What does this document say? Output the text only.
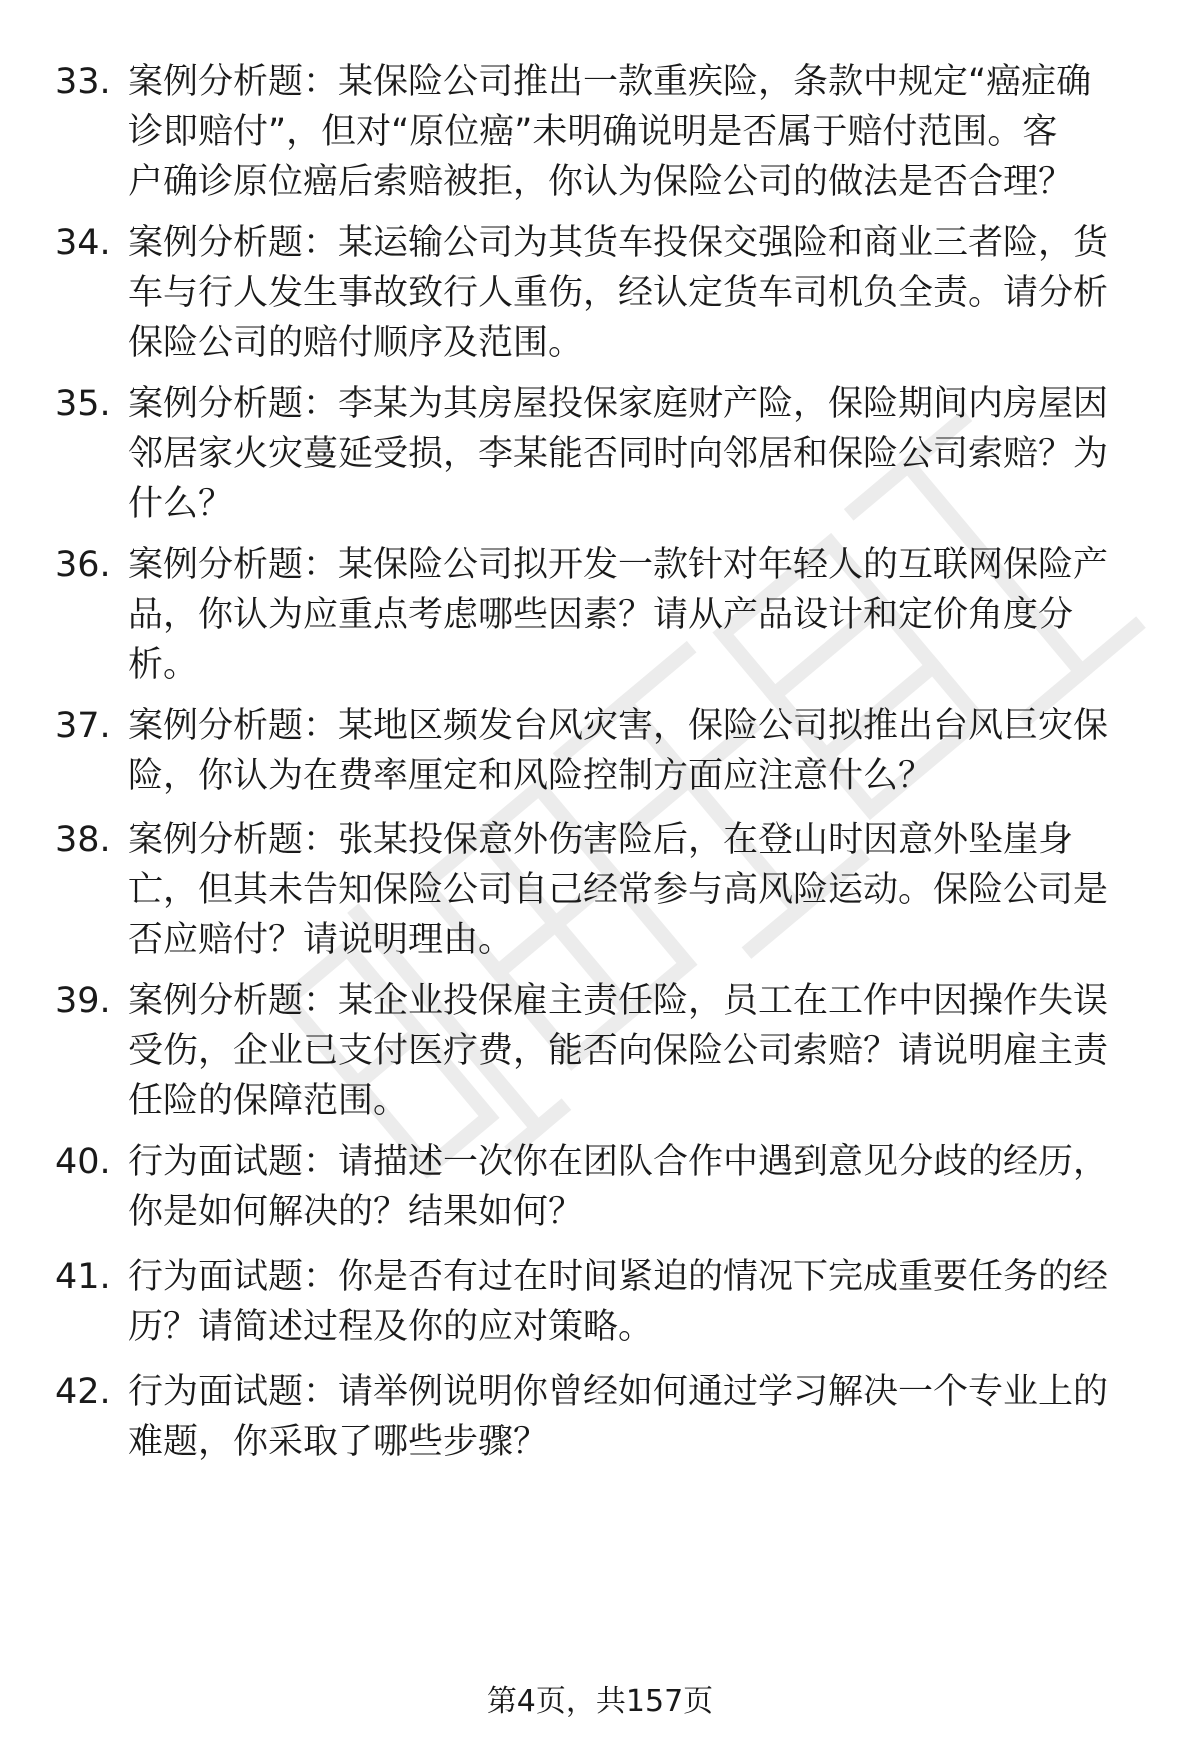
33. 案例分析题：某保险公司推出一款重疾险，条款中规定“癌症确
诊即赔付”，但对“原位癌”未明确说明是否属于赔付范围。客
户确诊原位癌后索赔被拒，你认为保险公司的做法是否合理？
34. 案例分析题：某运输公司为其货车投保交强险和商业三者险，货
车与行人发生事故致行人重伤，经认定货车司机负全责。请分析
保险公司的赔付顺序及范围。
35. 案例分析题：李某为其房屋投保家庭财产险，保险期间内房屋因
邻居家火灾蔓延受损，李某能否同时向邻居和保险公司索赔？为
什么？
36. 案例分析题：某保险公司拟开发一款针对年轻人的互联网保险产
品，你认为应重点考虑哪些因素？请从产品设计和定价角度分
析。
37. 案例分析题：某地区频发台风灾害，保险公司拟推出台风巨灾保
险，你认为在费率厘定和风险控制方面应注意什么？
38. 案例分析题：张某投保意外伤害险后，在登山时因意外坠崖身
亡，但其未告知保险公司自己经常参与高风险运动。保险公司是
否应赔付？请说明理由。
39. 案例分析题：某企业投保雇主责任险，员工在工作中因操作失误
受伤，企业已支付医疗费，能否向保险公司索赔？请说明雇主责
任险的保障范围。
40. 行为面试题：请描述一次你在团队合作中遇到意见分歧的经历，
你是如何解决的？结果如何？
41. 行为面试题：你是否有过在时间紧迫的情况下完成重要任务的经
历？请简述过程及你的应对策略。
42. 行为面试题：请举例说明你曾经如何通过学习解决一个专业上的
难题，你采取了哪些步骤？
第4页，共157页
